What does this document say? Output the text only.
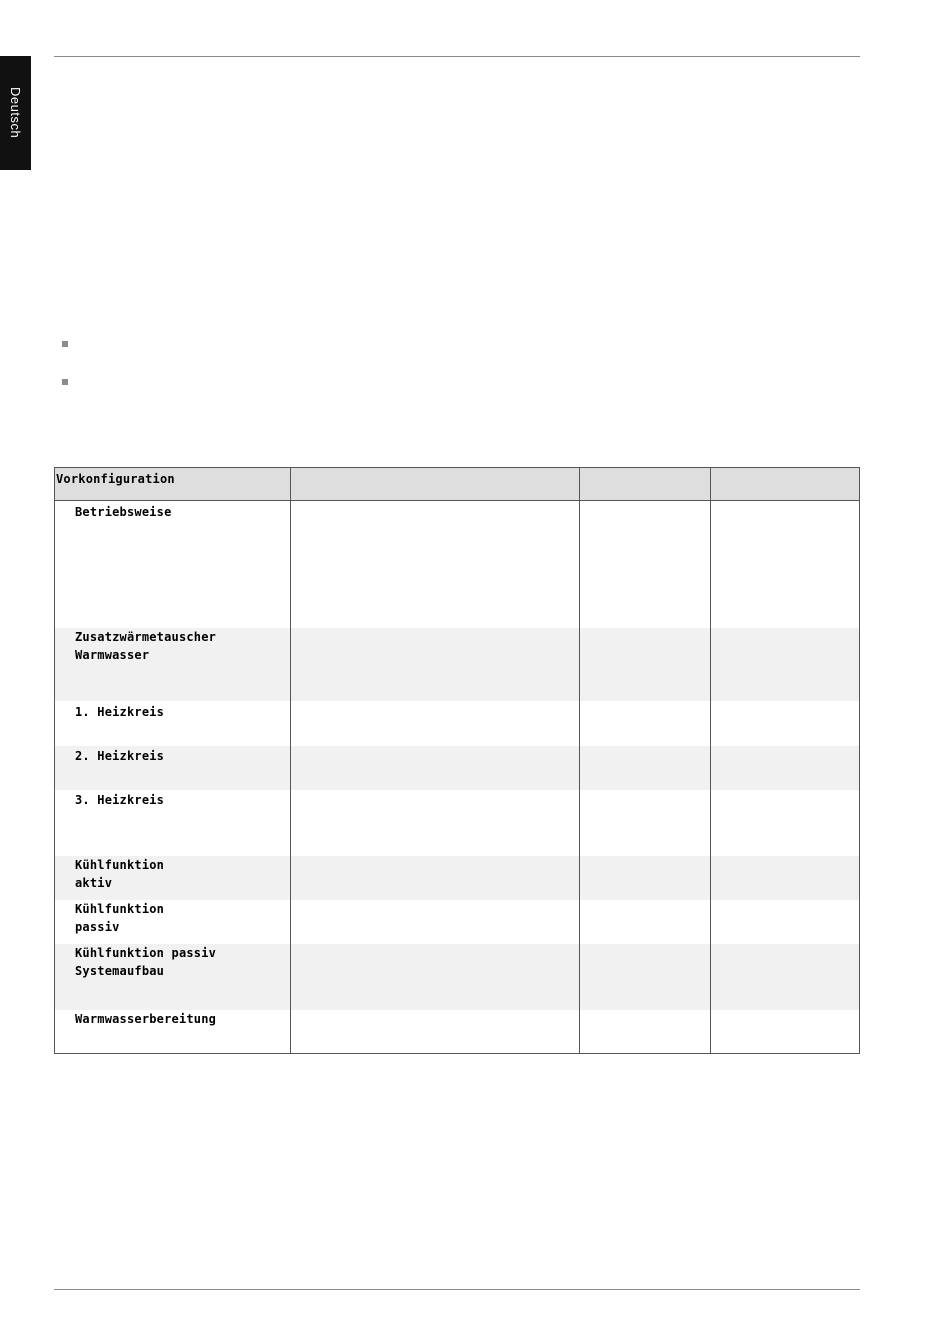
Deutsch
Vorkonfiguration
Betriebsweise
Zusatzwärmetauscher
Warmwasser
1. Heizkreis
2. Heizkreis
3. Heizkreis
Kühlfunktion
aktiv
Kühlfunktion
passiv
Kühlfunktion passiv
Systemaufbau
Warmwasserbereitung
